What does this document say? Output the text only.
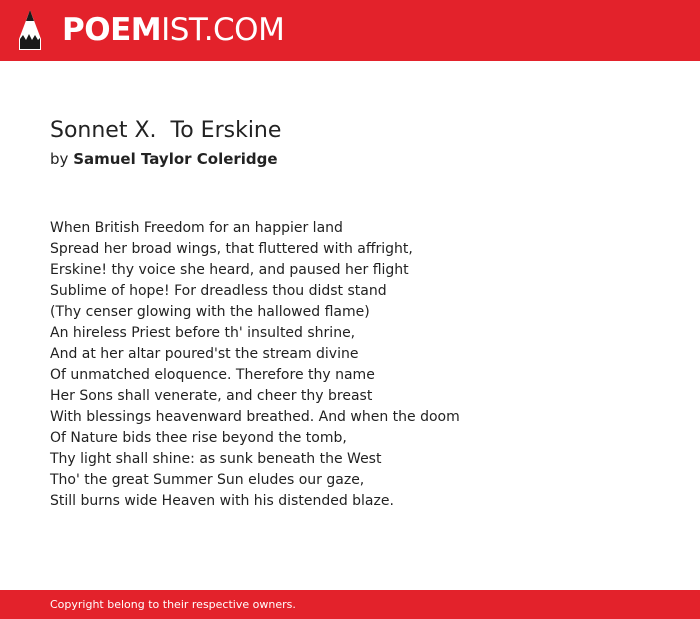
POEMIST.COM
Sonnet X.  To Erskine
by Samuel Taylor Coleridge
When British Freedom for an happier land
Spread her broad wings, that fluttered with affright,
Erskine! thy voice she heard, and paused her flight
Sublime of hope! For dreadless thou didst stand
(Thy censer glowing with the hallowed flame)
An hireless Priest before th' insulted shrine,
And at her altar poured'st the stream divine
Of unmatched eloquence. Therefore thy name
Her Sons shall venerate, and cheer thy breast
With blessings heavenward breathed. And when the doom
Of Nature bids thee rise beyond the tomb,
Thy light shall shine: as sunk beneath the West
Tho' the great Summer Sun eludes our gaze,
Still burns wide Heaven with his distended blaze.
Copyright belong to their respective owners.
